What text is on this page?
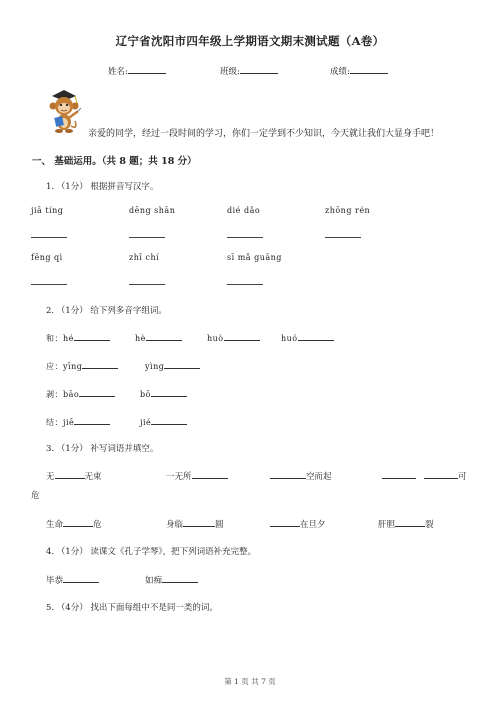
辽宁省沈阳市四年级上学期语文期末测试题（A卷）
姓名:	班级:	成绩:
亲爱的同学，经过一段时间的学习，你们一定学到不少知识，今天就让我们大显身手吧！
一、 基础运用。（共 8 题；共 18 分）
1. （1分） 根据拼音写汉字。
jiā tíng	dēng shān	dié dǎo	zhōng rén
fēng qì	zhī chí	sī mǎ guāng
2. （1分） 给下列多音字组词。
和：hé	hè	huò	huó
应：yīng	yìng
剥：bāo	bō
结：jiē	jié
3. （1分） 补写词语并填空。
无	无束	一无所	空而起	可
危
生命	危	身临	圆	在旦夕	肝胆	裂
4. （1分） 读课文《孔子学琴》，把下列词语补充完整。
毕恭	如痴
5. （4分） 找出下面每组中不是同一类的词。
第 1 页 共 7 页
